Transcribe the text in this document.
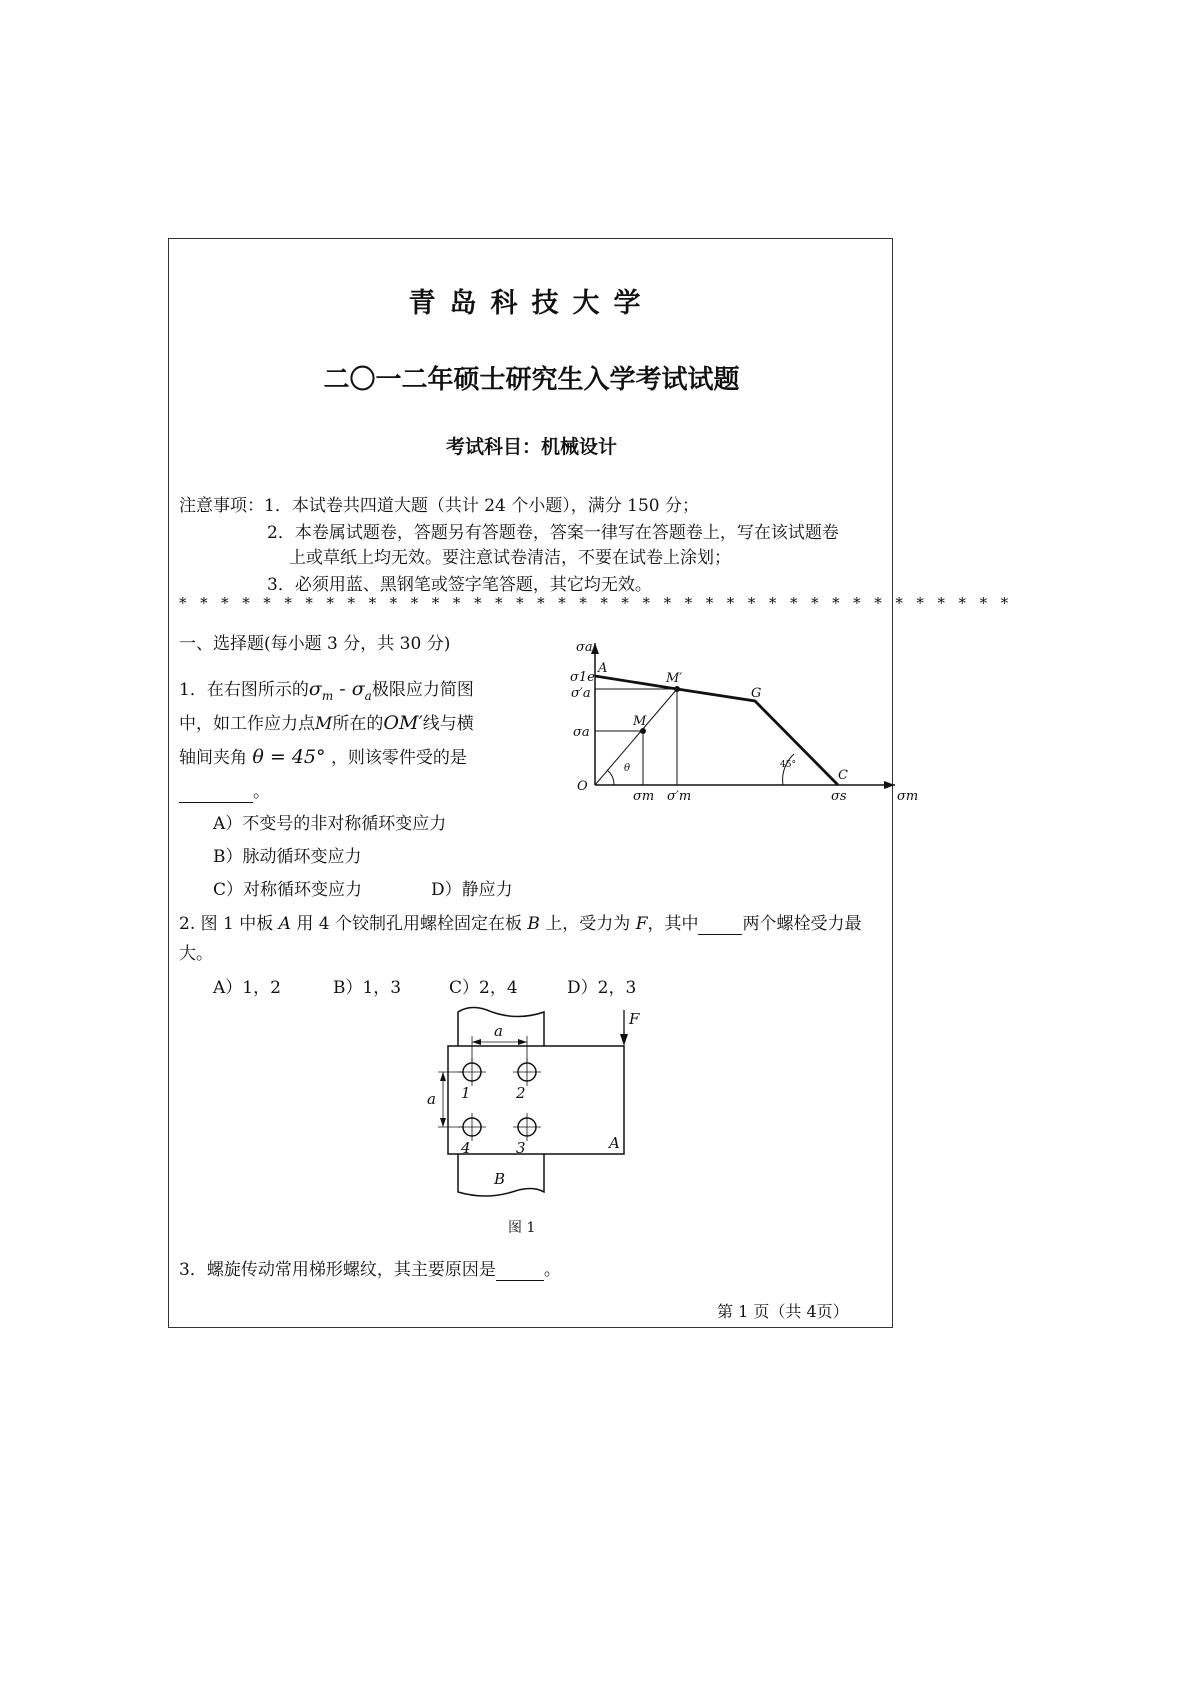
青岛科技大学
二〇一二年硕士研究生入学考试试题
考试科目：机械设计
注意事项：1．本试卷共四道大题（共计 24 个小题），满分 150 分；
2．本卷属试题卷，答题另有答题卷，答案一律写在答题卷上，写在该试题卷
上或草纸上均无效。要注意试卷清洁，不要在试卷上涂划；
3．必须用蓝、黑钢笔或签字笔答题，其它均无效。
* * * * * * * * * * * * * * * * * * * * * * * * * * * * * * * * * * * * * * * *
一、选择题(每小题 3 分，共 30 分)
1．在右图所示的$\sigma_m - \sigma_a$极限应力简图
中，如工作应力点M所在的OM′线与横
轴间夹角 θ = 45° ，则该零件受的是
。
A）不变号的非对称循环变应力
B）脉动循环变应力
C）对称循环变应力	D）静应力
2. 图 1 中板 A 用 4 个铰制孔用螺栓固定在板 B 上，受力为 F，其中	两个螺栓受力最
大。
A）1，2	B）1，3	C）2，4	D）2，3
3．螺旋传动常用梯形螺纹，其主要原因是	。
第 1 页（共 4页）
σa
σm
σ1e
σ′a
σa
σm σ′m	σs
O
A
M′
M
G
C
θ	45°
F
a
a 1	2
3
4	A
B
图 1
